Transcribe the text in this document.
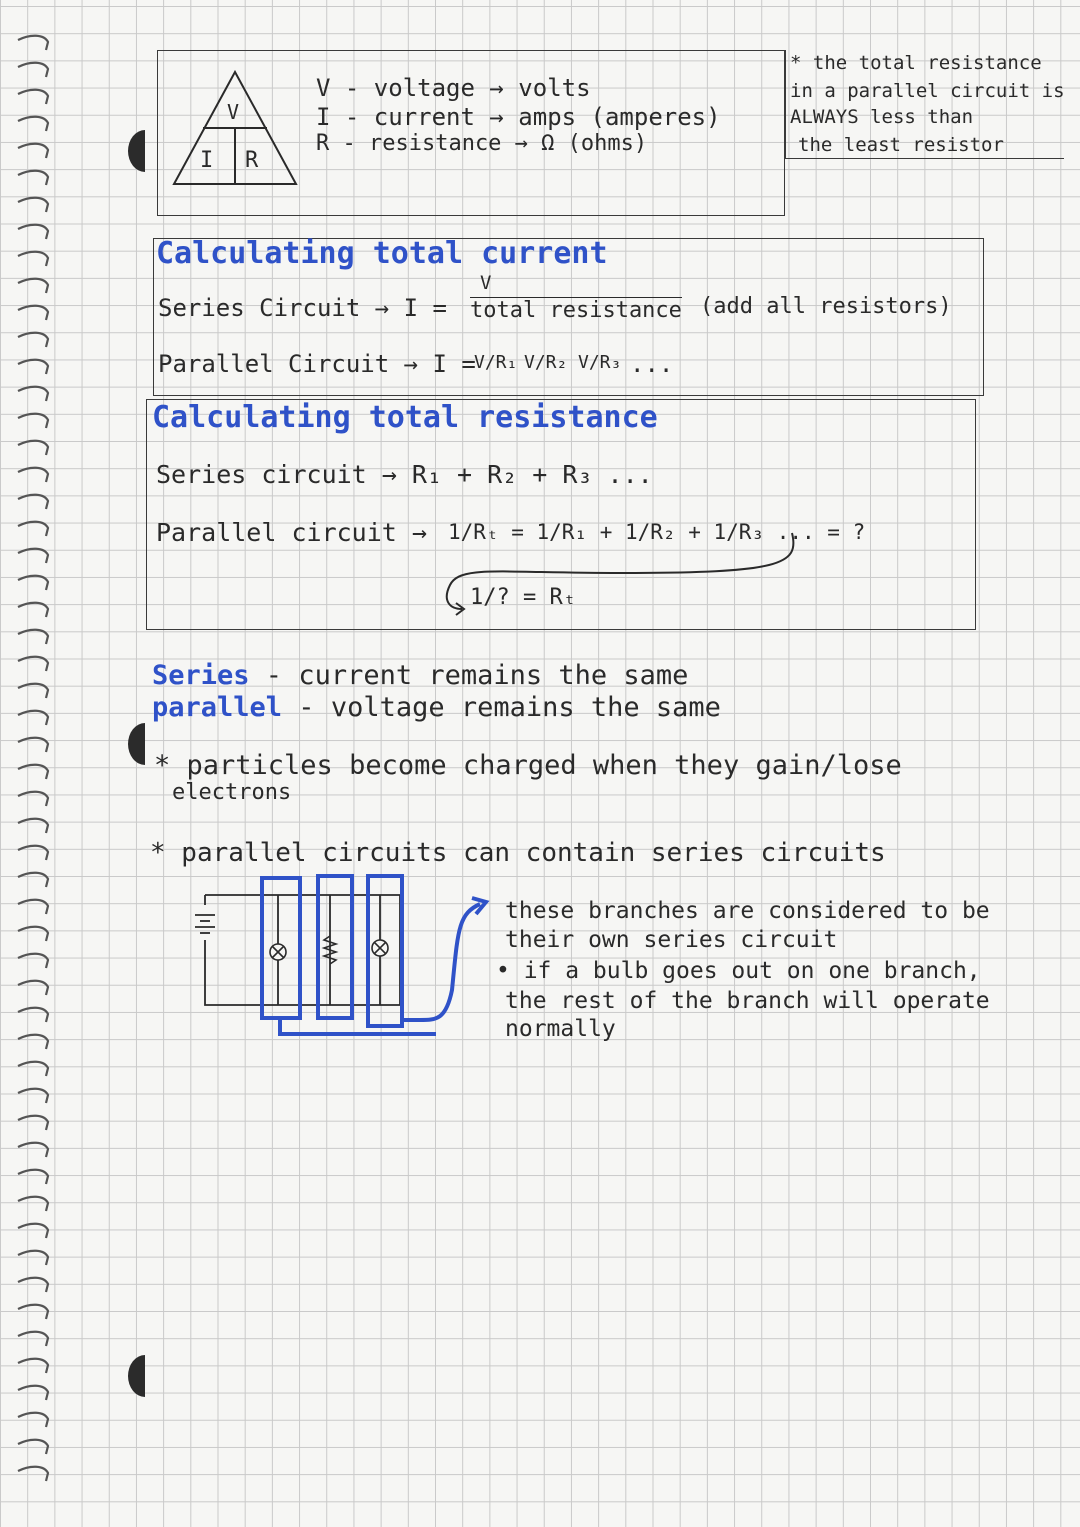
V
I R
V - voltage → volts
I - current → amps (amperes)
R - resistance → Ω (ohms)
* the total resistance
in a parallel circuit is
ALWAYS less than
the least resistor
Calculating total current
Series Circuit → I =
V
total resistance (add all resistors)
Parallel Circuit → I =
V/R₁ V/R₂ V/R₃ ...
Calculating total resistance
Series circuit → R₁ + R₂ + R₃ ...
Parallel circuit → 1/Rₜ = 1/R₁ + 1/R₂ + 1/R₃ ... = ?
1/? = Rₜ
Series - current remains the same
parallel - voltage remains the same
* particles become charged when they gain/lose
electrons
* parallel circuits can contain series circuits
these branches are considered to be
their own series circuit
• if a bulb goes out on one branch,
the rest of the branch will operate
normally
